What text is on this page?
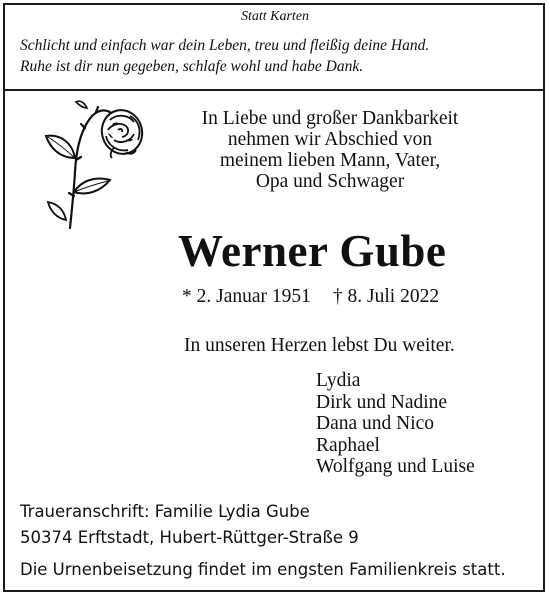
Statt Karten
Schlicht und einfach war dein Leben, treu und fleißig deine Hand.
Ruhe ist dir nun gegeben, schlafe wohl und habe Dank.
In Liebe und großer Dankbarkeit
nehmen wir Abschied von
meinem lieben Mann, Vater,
Opa und Schwager
Werner Gube
* 2. Januar 1951 † 8. Juli 2022
In unseren Herzen lebst Du weiter.
Lydia
Dirk und Nadine
Dana und Nico
Raphael
Wolfgang und Luise
Traueranschrift: Familie Lydia Gube
50374 Erftstadt, Hubert-Rüttger-Straße 9
Die Urnenbeisetzung findet im engsten Familienkreis statt.
